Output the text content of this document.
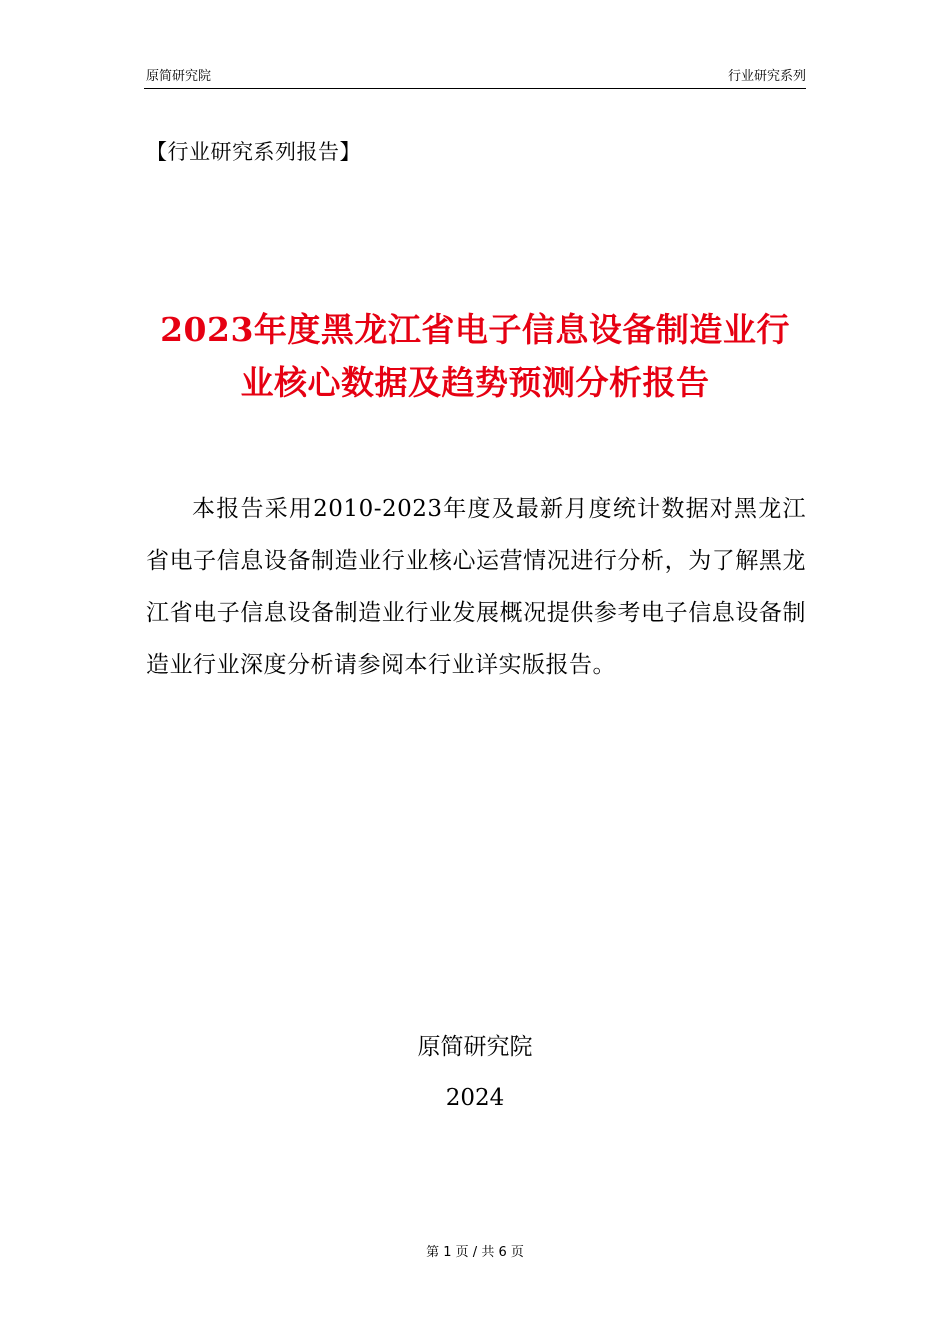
原简研究院	行业研究系列
【行业研究系列报告】
2023年度黑龙江省电子信息设备制造业行业核心数据及趋势预测分析报告

本报告采用2010-2023年度及最新月度统计数据对黑龙江省电子信息设备制造业行业核心运营情况进行分析，为了解黑龙江省电子信息设备制造业行业发展概况提供参考电子信息设备制造业行业深度分析请参阅本行业详实版报告。

原简研究院
2024
第 1 页 / 共 6 页
